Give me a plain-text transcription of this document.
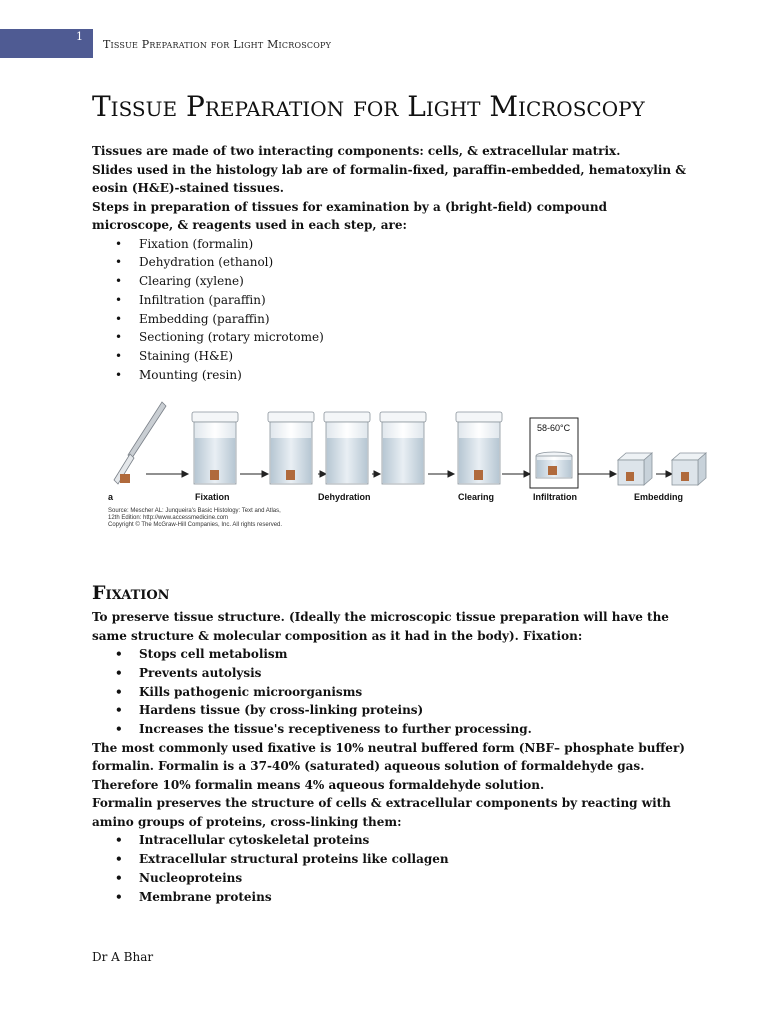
1
Tissue Preparation for Light Microscopy
Tissue Preparation for Light Microscopy
Tissues are made of two interacting components: cells, & extracellular matrix.
Slides used in the histology lab are of formalin-fixed, paraffin-embedded, hematoxylin & eosin (H&E)-stained tissues.
Steps in preparation of tissues for examination by a (bright-field) compound microscope, & reagents used in each step, are:
• Fixation (formalin)
• Dehydration (ethanol)
• Clearing (xylene)
• Infiltration (paraffin)
• Embedding (paraffin)
• Sectioning (rotary microtome)
• Staining (H&E)
• Mounting (resin)
a	Fixation	Dehydration	Clearing	Infiltration	Embedding
58-60°C
Source: Mescher AL: Junqueira's Basic Histology: Text and Atlas,
12th Edition: http://www.accessmedicine.com
Copyright © The McGraw-Hill Companies, Inc. All rights reserved.
Fixation
To preserve tissue structure. (Ideally the microscopic tissue preparation will have the same structure & molecular composition as it had in the body). Fixation:
• Stops cell metabolism
• Prevents autolysis
• Kills pathogenic microorganisms
• Hardens tissue (by cross-linking proteins)
• Increases the tissue's receptiveness to further processing.
The most commonly used fixative is 10% neutral buffered form (NBF– phosphate buffer) formalin. Formalin is a 37-40% (saturated) aqueous solution of formaldehyde gas. Therefore 10% formalin means 4% aqueous formaldehyde solution.
Formalin preserves the structure of cells & extracellular components by reacting with amino groups of proteins, cross-linking them:
• Intracellular cytoskeletal proteins
• Extracellular structural proteins like collagen
• Nucleoproteins
• Membrane proteins
Dr A Bhar
